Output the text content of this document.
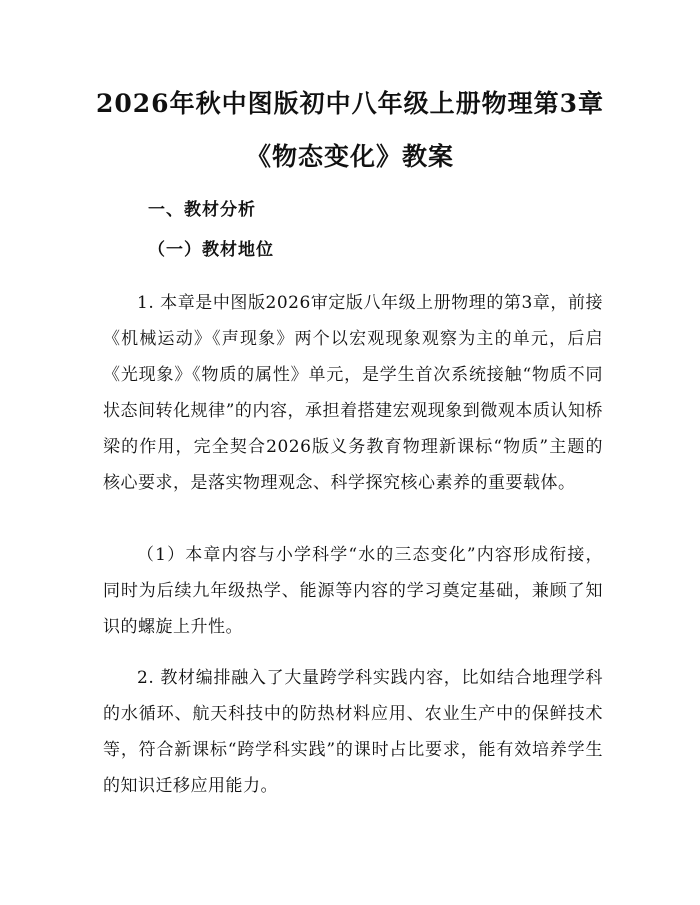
2026年秋中图版初中八年级上册物理第3章
《物态变化》教案
一、教材分析
（一）教材地位

1. 本章是中图版2026审定版八年级上册物理的第3章，前接《机械运动》《声现象》两个以宏观现象观察为主的单元，后启《光现象》《物质的属性》单元，是学生首次系统接触“物质不同状态间转化规律”的内容，承担着搭建宏观现象到微观本质认知桥梁的作用，完全契合2026版义务教育物理新课标“物质”主题的核心要求，是落实物理观念、科学探究核心素养的重要载体。

（1）本章内容与小学科学“水的三态变化”内容形成衔接，同时为后续九年级热学、能源等内容的学习奠定基础，兼顾了知识的螺旋上升性。

2. 教材编排融入了大量跨学科实践内容，比如结合地理学科的水循环、航天科技中的防热材料应用、农业生产中的保鲜技术等，符合新课标“跨学科实践”的课时占比要求，能有效培养学生的知识迁移应用能力。
